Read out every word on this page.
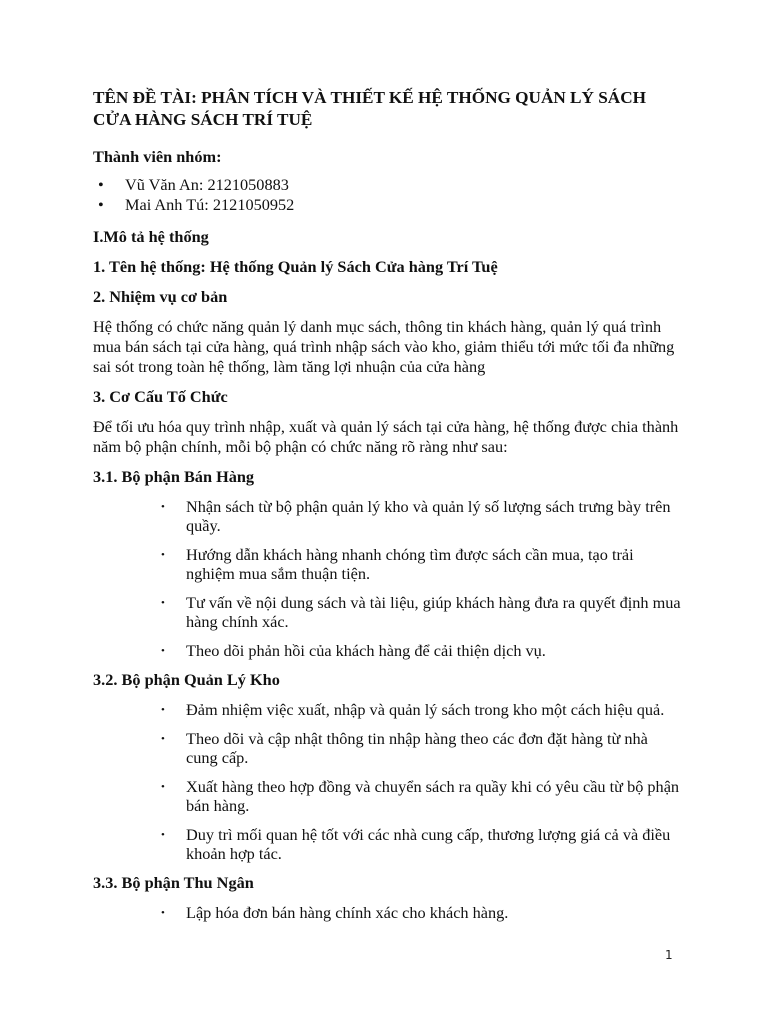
TÊN ĐỀ TÀI: PHÂN TÍCH VÀ THIẾT KẾ HỆ THỐNG QUẢN LÝ SÁCH CỬA HÀNG SÁCH TRÍ TUỆ
Thành viên nhóm:
• Vũ Văn An: 2121050883
• Mai Anh Tú: 2121050952
I.Mô tả hệ thống
1. Tên hệ thống: Hệ thống Quản lý Sách Cửa hàng Trí Tuệ
2. Nhiệm vụ cơ bản
Hệ thống có chức năng quản lý danh mục sách, thông tin khách hàng, quản lý quá trình mua bán sách tại cửa hàng, quá trình nhập sách vào kho, giảm thiểu tới mức tối đa những sai sót trong toàn hệ thống, làm tăng lợi nhuận của cửa hàng
3. Cơ Cấu Tố Chức
Để tối ưu hóa quy trình nhập, xuất và quản lý sách tại cửa hàng, hệ thống được chia thành năm bộ phận chính, mỗi bộ phận có chức năng rõ ràng như sau:
3.1. Bộ phận Bán Hàng
• Nhận sách từ bộ phận quản lý kho và quản lý số lượng sách trưng bày trên quầy.
• Hướng dẫn khách hàng nhanh chóng tìm được sách cần mua, tạo trải nghiệm mua sắm thuận tiện.
• Tư vấn về nội dung sách và tài liệu, giúp khách hàng đưa ra quyết định mua hàng chính xác.
• Theo dõi phản hồi của khách hàng để cải thiện dịch vụ.
3.2. Bộ phận Quản Lý Kho
• Đảm nhiệm việc xuất, nhập và quản lý sách trong kho một cách hiệu quả.
• Theo dõi và cập nhật thông tin nhập hàng theo các đơn đặt hàng từ nhà cung cấp.
• Xuất hàng theo hợp đồng và chuyển sách ra quầy khi có yêu cầu từ bộ phận bán hàng.
• Duy trì mối quan hệ tốt với các nhà cung cấp, thương lượng giá cả và điều khoản hợp tác.
3.3. Bộ phận Thu Ngân
• Lập hóa đơn bán hàng chính xác cho khách hàng.
1
